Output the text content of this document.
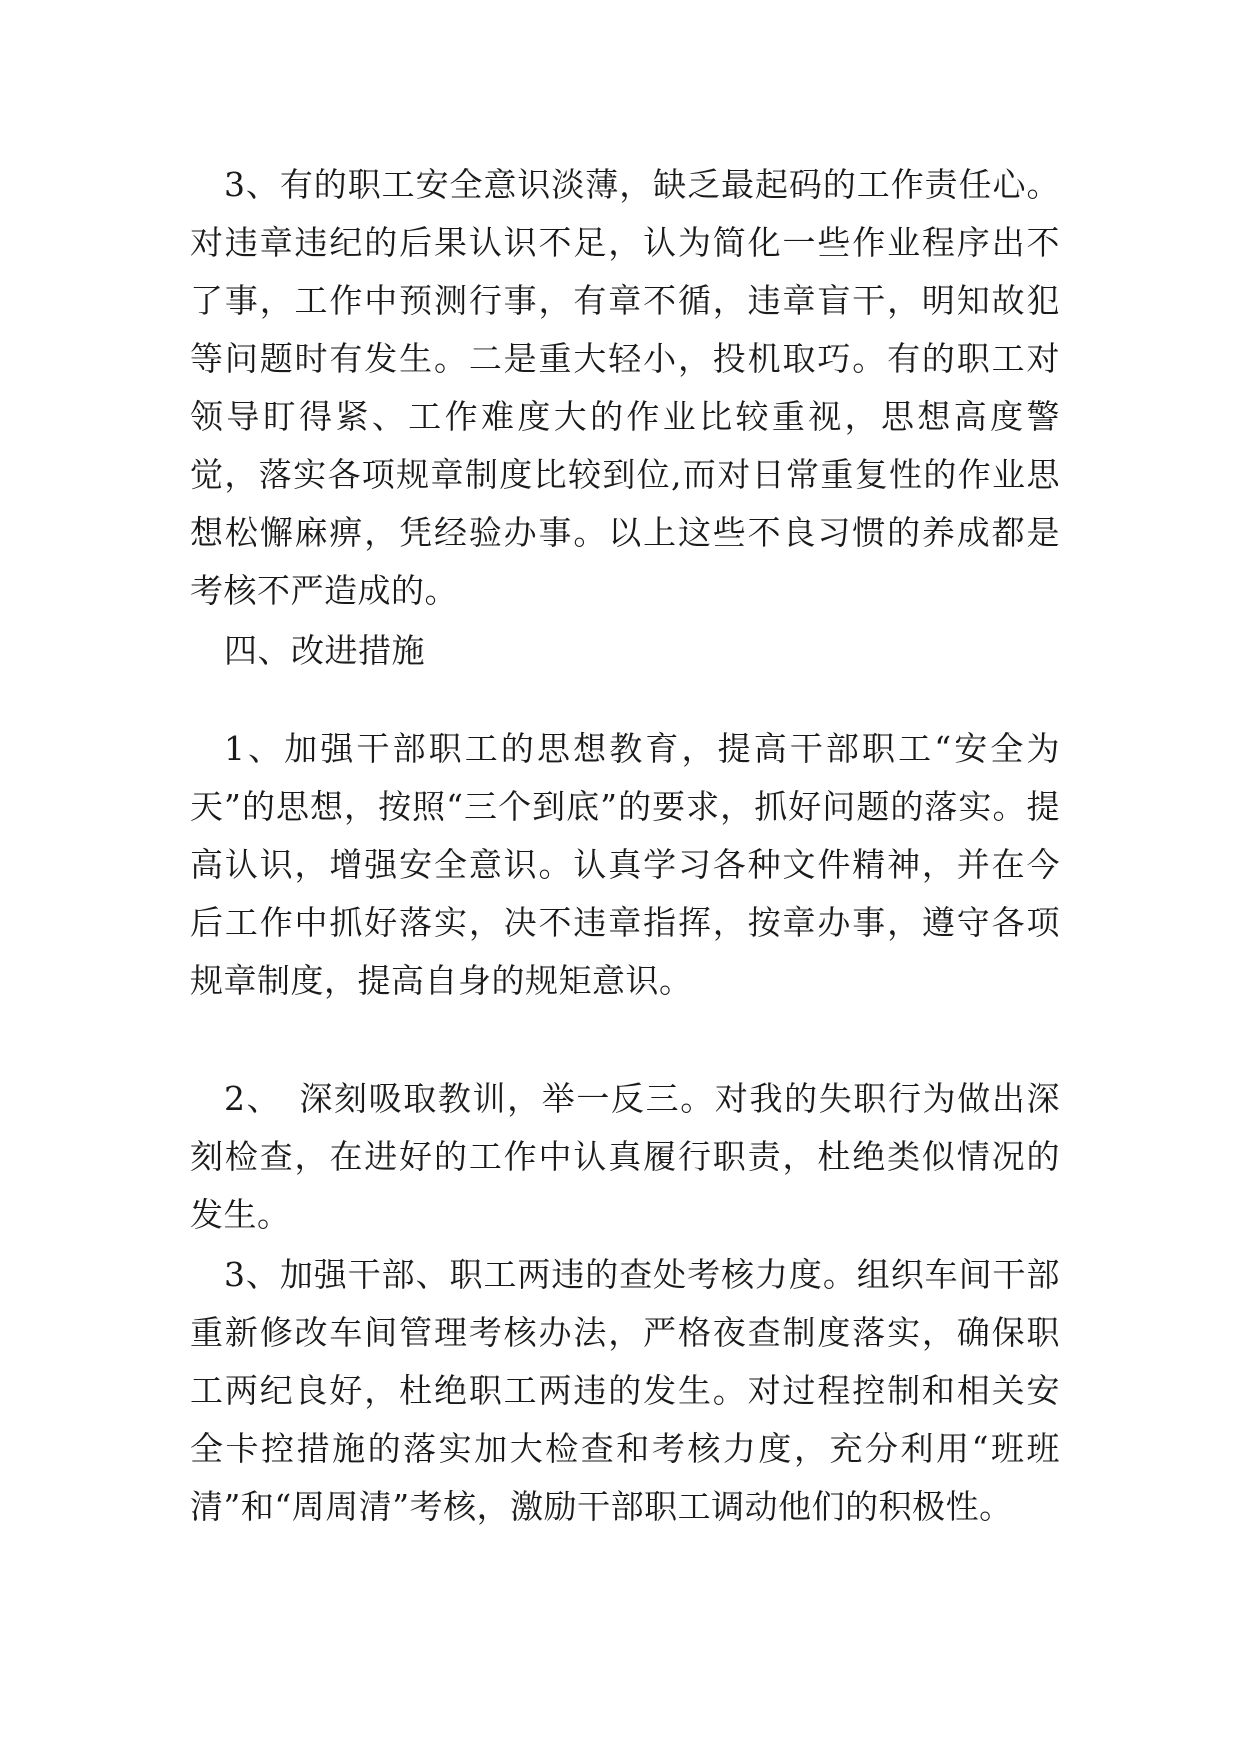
3、有的职工安全意识淡薄，缺乏最起码的工作责任心。对违章违纪的后果认识不足，认为简化一些作业程序出不了事，工作中预测行事，有章不循，违章盲干，明知故犯等问题时有发生。二是重大轻小，投机取巧。有的职工对领导盯得紧、工作难度大的作业比较重视，思想高度警觉，落实各项规章制度比较到位,而对日常重复性的作业思想松懈麻痹，凭经验办事。以上这些不良习惯的养成都是考核不严造成的。

四、改进措施

1、加强干部职工的思想教育，提高干部职工“安全为天”的思想，按照“三个到底”的要求，抓好问题的落实。提高认识，增强安全意识。认真学习各种文件精神，并在今后工作中抓好落实，决不违章指挥，按章办事，遵守各项规章制度，提高自身的规矩意识。

2、　深刻吸取教训，举一反三。对我的失职行为做出深刻检查，在进好的工作中认真履行职责，杜绝类似情况的发生。

3、加强干部、职工两违的查处考核力度。组织车间干部重新修改车间管理考核办法，严格夜查制度落实，确保职工两纪良好，杜绝职工两违的发生。对过程控制和相关安全卡控措施的落实加大检查和考核力度，充分利用“班班清”和“周周清”考核，激励干部职工调动他们的积极性。
